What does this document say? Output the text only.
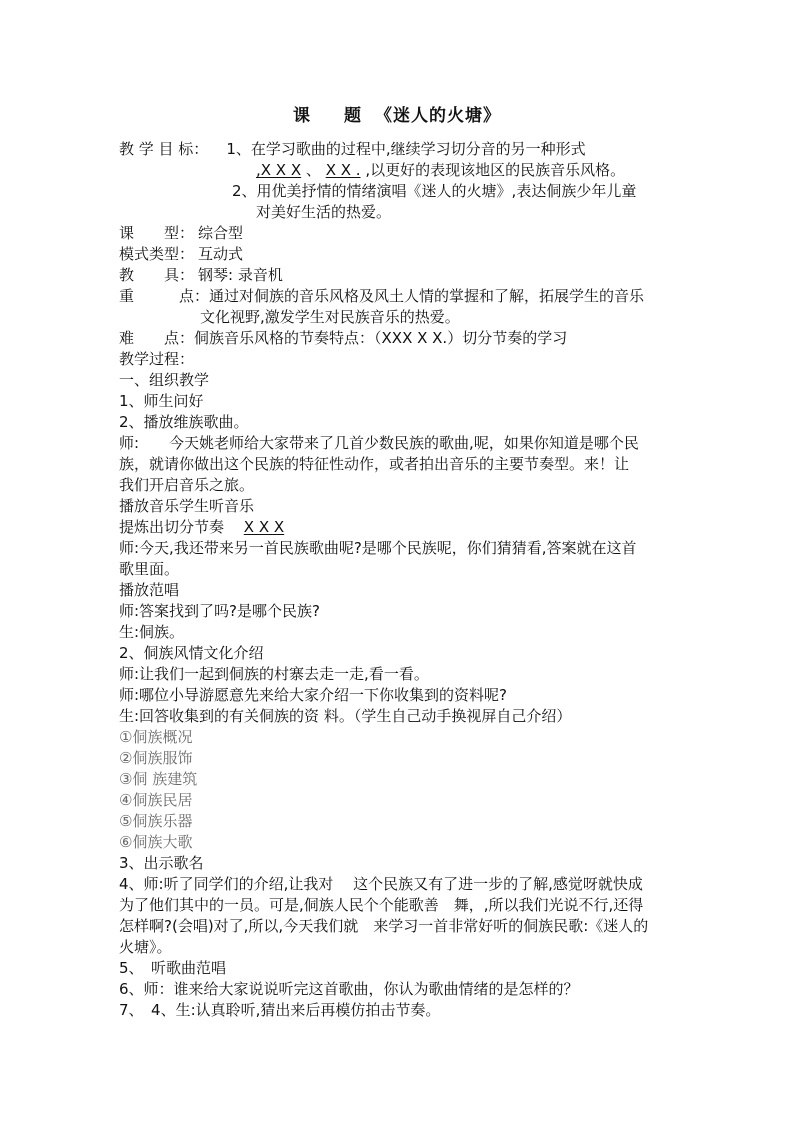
课 题《迷人的火塘》
教 学 目 标： 1、在学习歌曲的过程中,继续学习切分音的另一种形式
,X X X 、 X X . ,以更好的表现该地区的民族音乐风格。
2、用优美抒情的情绪演唱《迷人的火塘》,表达侗族少年儿童
对美好生活的热爱。
课　　型： 综合型
模式类型： 互动式
教　　具： 钢琴: 录音机
重　　　点：通过对侗族的音乐风格及风土人情的掌握和了解，拓展学生的音乐
文化视野,激发学生对民族音乐的热爱。
难　　点：侗族音乐风格的节奏特点：（XXX X X.）切分节奏的学习
教学过程：
一、组织教学
1、师生问好
2、播放维族歌曲。
师:　　今天姚老师给大家带来了几首少数民族的歌曲,呢，如果你知道是哪个民
族，就请你做出这个民族的特征性动作，或者拍出音乐的主要节奏型。来！让
我们开启音乐之旅。
播放音乐学生听音乐
提炼出切分节奏　 X X X
师:今天,我还带来另一首民族歌曲呢?是哪个民族呢，你们猜猜看,答案就在这首
歌里面。
播放范唱
师:答案找到了吗?是哪个民族?
生:侗族。
2、侗族风情文化介绍
师:让我们一起到侗族的村寨去走一走,看一看。
师:哪位小导游愿意先来给大家介绍一下你收集到的资料呢?
生:回答收集到的有关侗族的资 料。（学生自己动手换视屏自己介绍）
①侗族概况
②侗族服饰
③侗 族建筑
④侗族民居
⑤侗族乐器
⑥侗族大歌
3、出示歌名
4、师:听了同学们的介绍,让我对　 这个民族又有了进一步的了解,感觉呀就快成
为了他们其中的一员。可是,侗族人民个个能歌善　舞，,所以我们光说不行,还得
怎样啊?(会唱)对了,所以,今天我们就　来学习一首非常好听的侗族民歌:《迷人的
火塘》。
5、　听歌曲范唱
6、师：谁来给大家说说听完这首歌曲，你认为歌曲情绪的是怎样的？
7、　4、生:认真聆听,猜出来后再模仿拍击节奏。
